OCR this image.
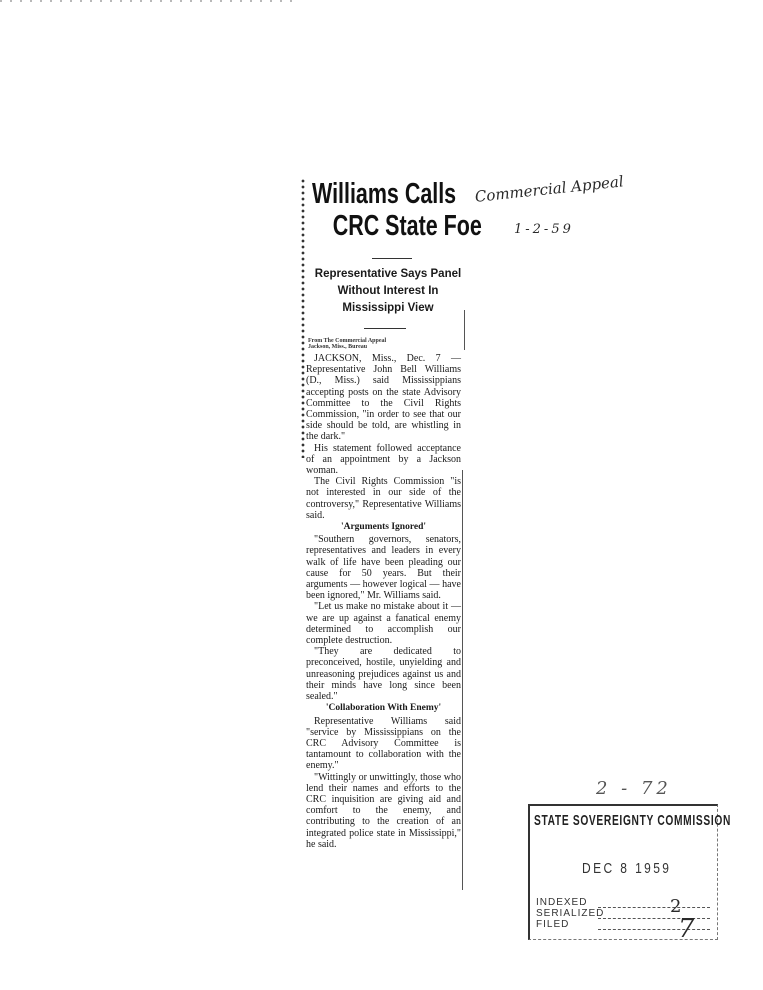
Williams Calls
CRC State Foe
Representative Says Panel
Without Interest In
Mississippi View
From The Commercial Appeal
Jackson, Miss., Bureau

JACKSON, Miss., Dec. 7 — Representative John Bell Williams (D., Miss.) said Mississippians accepting posts on the state Advisory Committee to the Civil Rights Commission, "in order to see that our side should be told, are whistling in the dark."

His statement followed acceptance of an appointment by a Jackson woman.

The Civil Rights Commission "is not interested in our side of the controversy," Representative Williams said.

'Arguments Ignored'

"Southern governors, senators, representatives and leaders in every walk of life have been pleading our cause for 50 years. But their arguments — however logical — have been ignored," Mr. Williams said.

"Let us make no mistake about it — we are up against a fanatical enemy determined to accomplish our complete destruction.

"They are dedicated to preconceived, hostile, unyielding and unreasoning prejudices against us and their minds have long since been sealed."

'Collaboration With Enemy'

Representative Williams said "service by Mississippians on the CRC Advisory Committee is tantamount to collaboration with the enemy."

"Wittingly or unwittingly, those who lend their names and efforts to the CRC inquisition are giving aid and comfort to the enemy, and contributing to the creation of an integrated police state in Mississippi," he said.

Commercial Appeal
1-2-59
2 - 72
STATE SOVEREIGNTY COMMISSION
DEC 8 1959
INDEXED
SERIALIZED
FILED
2
7
